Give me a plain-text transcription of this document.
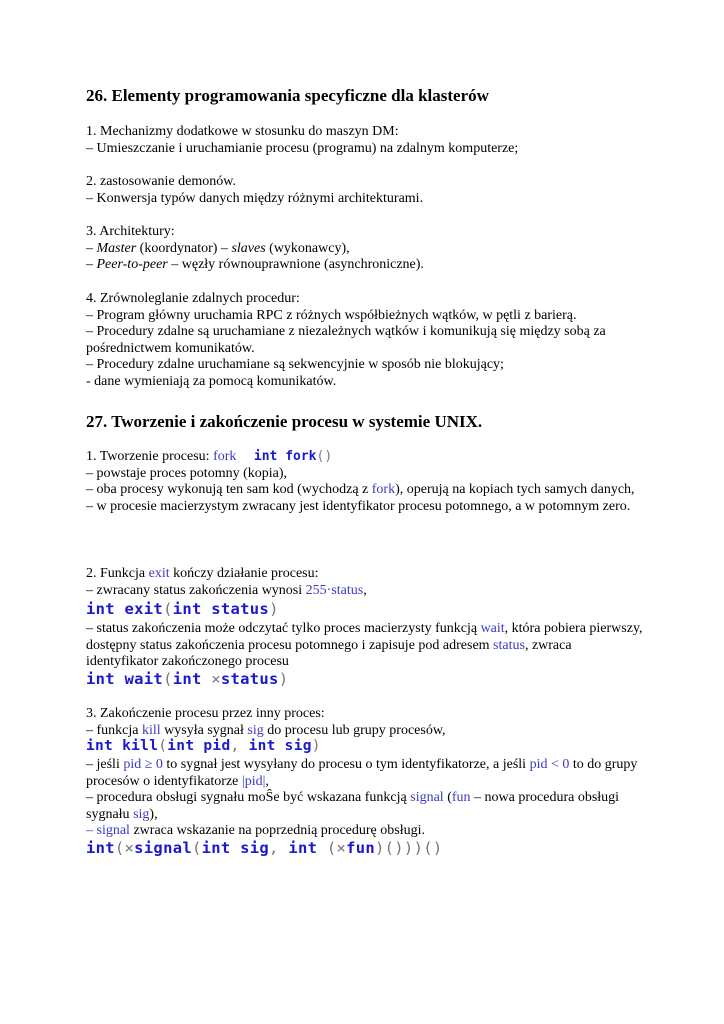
26. Elementy programowania specyficzne dla klasterów
1. Mechanizmy dodatkowe w stosunku do maszyn DM:
– Umieszczanie i uruchamianie procesu (programu) na zdalnym komputerze;
2. zastosowanie demonów.
– Konwersja typów danych między różnymi architekturami.
3. Architektury:
– Master (koordynator) – slaves (wykonawcy),
– Peer-to-peer – węzły równouprawnione (asynchroniczne).
4. Zrównoleglanie zdalnych procedur:
– Program główny uruchamia RPC z różnych współbieżnych wątków, w pętli z barierą.
– Procedury zdalne są uruchamiane z niezależnych wątków i komunikują się między sobą za pośrednictwem komunikatów.
– Procedury zdalne uruchamiane są sekwencyjnie w sposób nie blokujący;
- dane wymieniają za pomocą komunikatów.
27. Tworzenie i zakończenie procesu w systemie UNIX.
1. Tworzenie procesu: fork int fork()
– powstaje proces potomny (kopia),
– oba procesy wykonują ten sam kod (wychodzą z fork), operują na kopiach tych samych danych,
– w procesie macierzystym zwracany jest identyfikator procesu potomnego, a w potomnym zero.
2. Funkcja exit kończy działanie procesu:
– zwracany status zakończenia wynosi 255·status,
int exit(int status)
– status zakończenia może odczytać tylko proces macierzysty funkcją wait, która pobiera pierwszy, dostępny status zakończenia procesu potomnego i zapisuje pod adresem status, zwraca identyfikator zakończonego procesu
int wait(int ×status)
3. Zakończenie procesu przez inny proces:
– funkcja kill wysyła sygnał sig do procesu lub grupy procesów,
int kill(int pid, int sig)
– jeśli pid ≥ 0 to sygnał jest wysyłany do procesu o tym identyfikatorze, a jeśli pid < 0 to do grupy procesów o identyfikatorze |pid|,
– procedura obsługi sygnału moŜe być wskazana funkcją signal (fun – nowa procedura obsługi sygnału sig),
– signal zwraca wskazanie na poprzednią procedurę obsługi.
int(×signal(int sig, int (×fun)()))()
